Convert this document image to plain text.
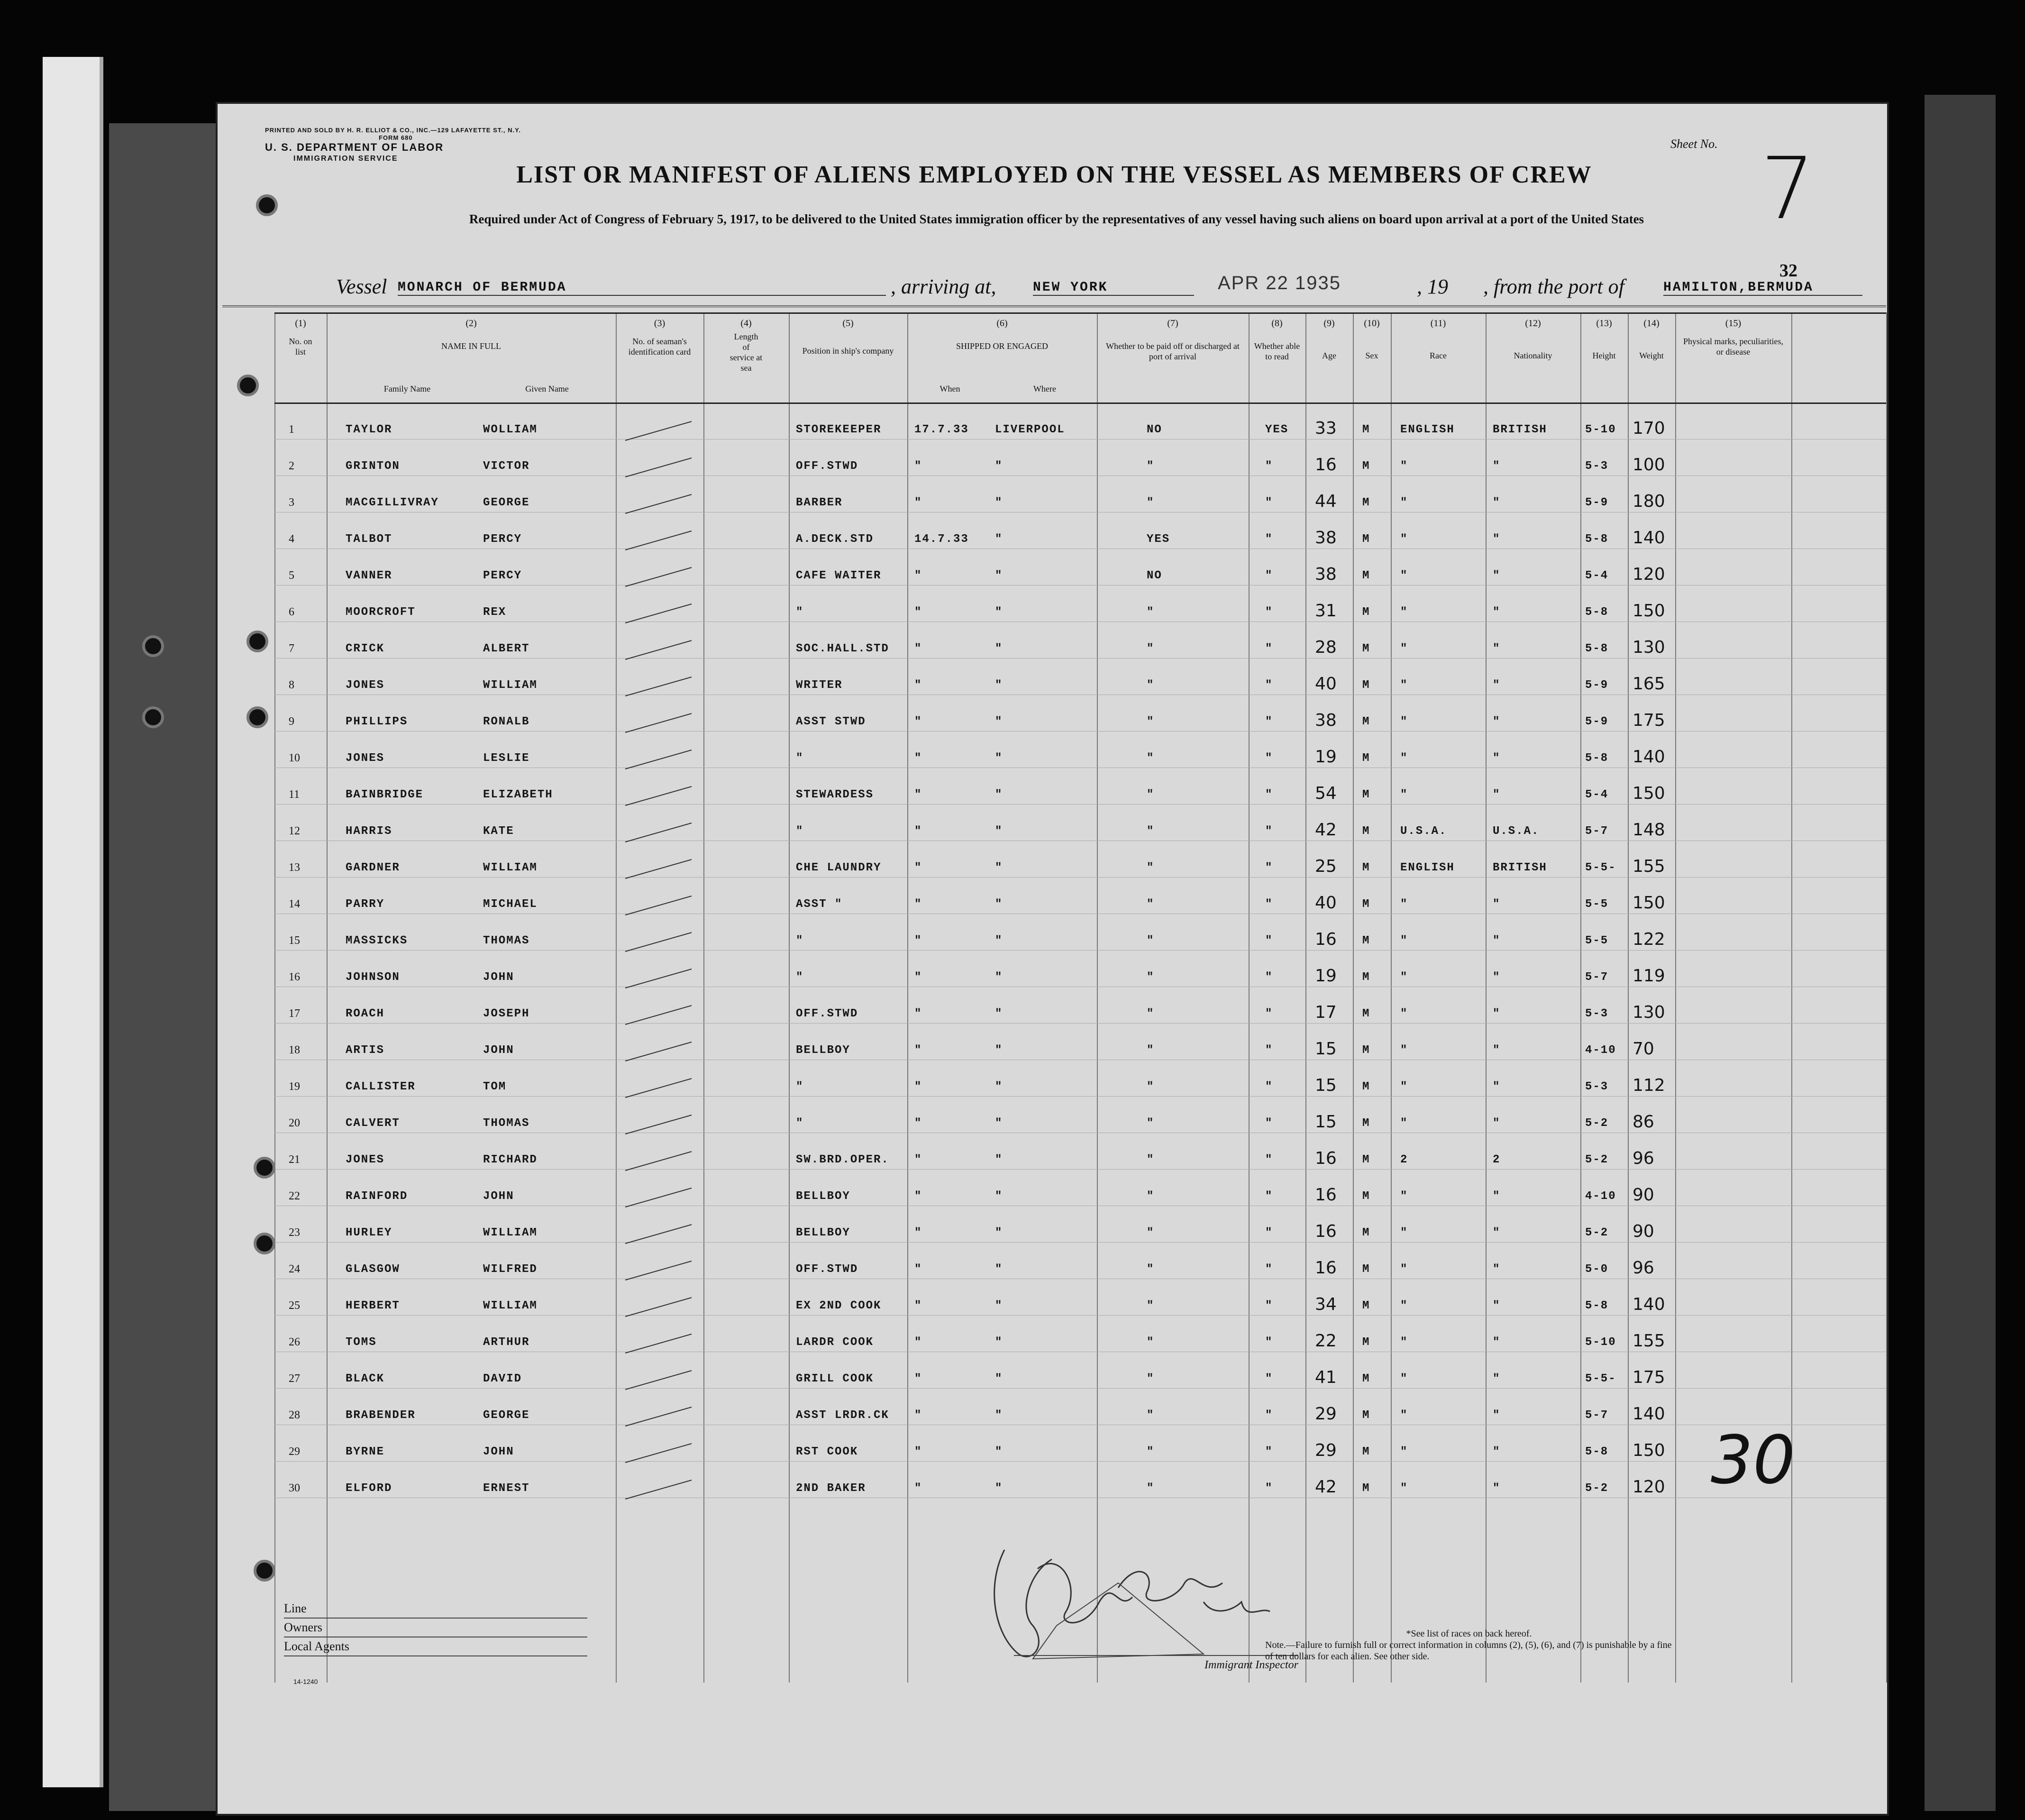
PRINTED AND SOLD BY H. R. ELLIOT & CO., INC.—129 LAFAYETTE ST., N.Y.
FORM 680
U. S. DEPARTMENT OF LABOR
IMMIGRATION SERVICE
Sheet No. 7
LIST OR MANIFEST OF ALIENS EMPLOYED ON THE VESSEL AS MEMBERS OF CREW
Required under Act of Congress of February 5, 1917, to be delivered to the United States immigration officer by the representatives of any vessel having such aliens on board upon arrival at a port of the United States
32
Vessel MONARCH OF BERMUDA	, arriving at,	NEW YORK	APR 22 1935	, 19 , from the port of	HAMILTON,BERMUDA
(1)
No. on list
(2)
NAME IN FULL
Family Name	Given Name
(3)
No. of seaman's identification card
(4)
Length of service at sea
(5)
Position in ship's company
(6)
SHIPPED OR ENGAGED
When	Where
(7)
Whether to be paid off or discharged at port of arrival
(8)
Whether able to read
(9)
Age
(10)
Sex
(11)
Race
(12)
Nationality
(13)
Height
(14)
Weight
(15)
Physical marks, peculiarities, or disease
1	TAYLOR	WOLLIAM	STOREKEEPER	17.7.33 LIVERPOOL	NO	YES 33 M	ENGLISH	BRITISH	5-10 170
2	GRINTON	VICTOR	OFF.STWD	"	"	"	" 16 M	"	"	5-3 100
3	MACGILLIVRAY	GEORGE	BARBER	"	"	"	" 44 M	"	"	5-9 180
4	TALBOT	PERCY	A.DECK.STD	14.7.33 "	YES	" 38 M	"	"	5-8 140
5	VANNER	PERCY	CAFE WAITER	"	"	NO	" 38 M	"	"	5-4 120
6	MOORCROFT	REX	"	"	"	"	" 31 M	"	"	5-8 150
7	CRICK	ALBERT	SOC.HALL.STD "	"	"	" 28 M	"	"	5-8 130
8	JONES	WILLIAM	WRITER	"	"	"	" 40 M	"	"	5-9 165
9	PHILLIPS	RONALB	ASST STWD	"	"	"	" 38 M	"	"	5-9 175
10	JONES	LESLIE	"	"	"	"	" 19 M	"	"	5-8 140
11	BAINBRIDGE	ELIZABETH	STEWARDESS	"	"	"	" 54 M	"	"	5-4 150
12	HARRIS	KATE	"	"	"	"	" 42 M	U.S.A.	U.S.A.	5-7 148
13	GARDNER	WILLIAM	CHE LAUNDRY	"	"	"	" 25 M	ENGLISH	BRITISH	5-5- 155
14	PARRY	MICHAEL	ASST "	"	"	"	" 40 M	"	"	5-5 150
15	MASSICKS	THOMAS	"	"	"	"	" 16 M	"	"	5-5 122
16	JOHNSON	JOHN	"	"	"	"	" 19 M	"	"	5-7 119
17	ROACH	JOSEPH	OFF.STWD	"	"	"	" 17 M	"	"	5-3 130
18	ARTIS	JOHN	BELLBOY	"	"	"	" 15 M	"	"	4-10 70
19	CALLISTER	TOM	"	"	"	"	" 15 M	"	"	5-3 112
20	CALVERT	THOMAS	"	"	"	"	" 15 M	"	"	5-2 86
21	JONES	RICHARD	SW.BRD.OPER. "	"	"	" 16 M	2	2	5-2 96
22	RAINFORD	JOHN	BELLBOY	"	"	"	" 16 M	"	"	4-10 90
23	HURLEY	WILLIAM	BELLBOY	"	"	"	" 16 M	"	"	5-2 90
24	GLASGOW	WILFRED	OFF.STWD	"	"	"	" 16 M	"	"	5-0 96
25	HERBERT	WILLIAM	EX 2ND COOK	"	"	"	" 34 M	"	"	5-8 140
26	TOMS	ARTHUR	LARDR COOK	"	"	"	" 22 M	"	"	5-10 155
27	BLACK	DAVID	GRILL COOK	"	"	"	" 41 M	"	"	5-5- 175
28	BRABENDER	GEORGE	ASST LRDR.CK "	"	"	" 29 M	"	"	5-7 140
29	BYRNE	JOHN	RST COOK	"	"	"	" 29 M	"	"	5-8 150
30	ELFORD	ERNEST	2ND BAKER	"	"	"	" 42 M	"	"	5-2 120 30
Immigrant Inspector
Line
Owners
Local Agents
14-1240
*See list of races on back hereof.
Note.—Failure to furnish full or correct information in columns (2), (5), (6), and (7) is punishable by a fine of ten dollars for each alien. See other side.
